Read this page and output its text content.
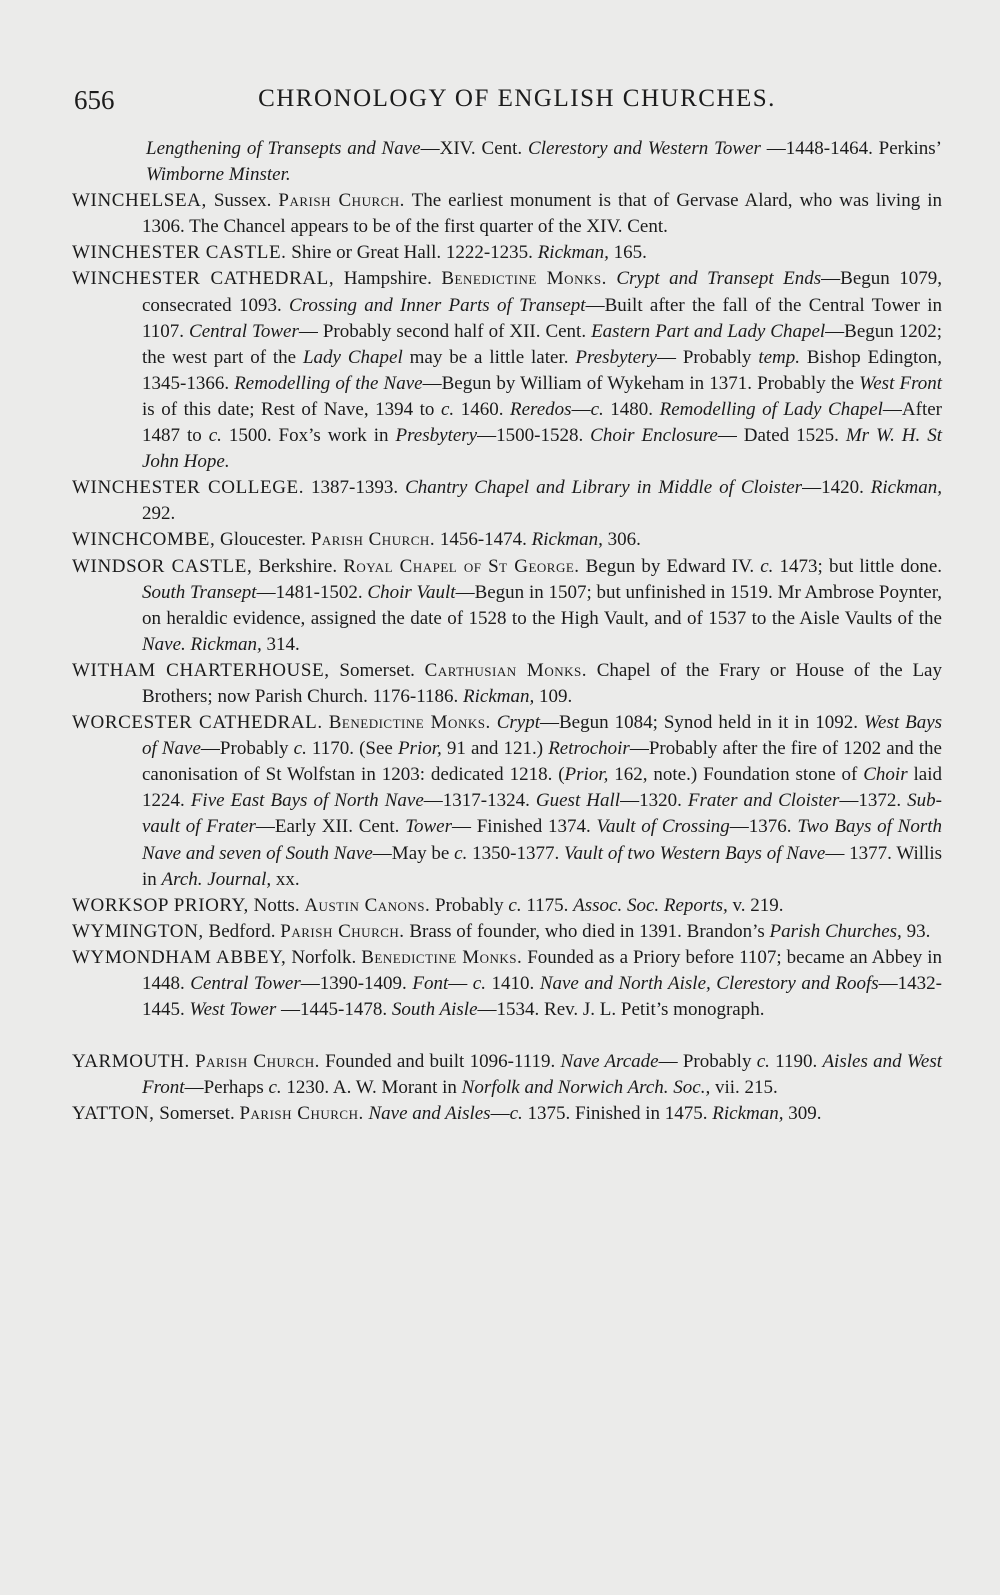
656	CHRONOLOGY OF ENGLISH CHURCHES.

Lengthening of Transepts and Nave—XIV. Cent. Clerestory and Western Tower —1448-1464. Perkins’ Wimborne Minster.

WINCHELSEA, Sussex. Parish Church. The earliest monument is that of Gervase Alard, who was living in 1306. The Chancel appears to be of the first quarter of the XIV. Cent.

WINCHESTER CASTLE. Shire or Great Hall. 1222-1235. Rickman, 165.

WINCHESTER CATHEDRAL, Hampshire. Benedictine Monks. Crypt and Transept Ends—Begun 1079, consecrated 1093. Crossing and Inner Parts of Transept—Built after the fall of the Central Tower in 1107. Central Tower— Probably second half of XII. Cent. Eastern Part and Lady Chapel—Begun 1202; the west part of the Lady Chapel may be a little later. Presbytery— Probably temp. Bishop Edington, 1345-1366. Remodelling of the Nave—Begun by William of Wykeham in 1371. Probably the West Front is of this date; Rest of Nave, 1394 to c. 1460. Reredos—c. 1480. Remodelling of Lady Chapel—After 1487 to c. 1500. Fox’s work in Presbytery—1500-1528. Choir Enclosure— Dated 1525. Mr W. H. St John Hope.

WINCHESTER COLLEGE. 1387-1393. Chantry Chapel and Library in Middle of Cloister—1420. Rickman, 292.

WINCHCOMBE, Gloucester. Parish Church. 1456-1474. Rickman, 306.

WINDSOR CASTLE, Berkshire. Royal Chapel of St George. Begun by Edward IV. c. 1473; but little done. South Transept—1481-1502. Choir Vault—Begun in 1507; but unfinished in 1519. Mr Ambrose Poynter, on heraldic evidence, assigned the date of 1528 to the High Vault, and of 1537 to the Aisle Vaults of the Nave. Rickman, 314.

WITHAM CHARTERHOUSE, Somerset. Carthusian Monks. Chapel of the Frary or House of the Lay Brothers; now Parish Church. 1176-1186. Rickman, 109.

WORCESTER CATHEDRAL. Benedictine Monks. Crypt—Begun 1084; Synod held in it in 1092. West Bays of Nave—Probably c. 1170. (See Prior, 91 and 121.) Retrochoir—Probably after the fire of 1202 and the canonisation of St Wolfstan in 1203: dedicated 1218. (Prior, 162, note.) Foundation stone of Choir laid 1224. Five East Bays of North Nave—1317-1324. Guest Hall—1320. Frater and Cloister—1372. Sub-vault of Frater—Early XII. Cent. Tower— Finished 1374. Vault of Crossing—1376. Two Bays of North Nave and seven of South Nave—May be c. 1350-1377. Vault of two Western Bays of Nave— 1377. Willis in Arch. Journal, xx.

WORKSOP PRIORY, Notts. Austin Canons. Probably c. 1175. Assoc. Soc. Reports, v. 219.

WYMINGTON, Bedford. Parish Church. Brass of founder, who died in 1391. Brandon’s Parish Churches, 93.

WYMONDHAM ABBEY, Norfolk. Benedictine Monks. Founded as a Priory before 1107; became an Abbey in 1448. Central Tower—1390-1409. Font— c. 1410. Nave and North Aisle, Clerestory and Roofs—1432-1445. West Tower —1445-1478. South Aisle—1534. Rev. J. L. Petit’s monograph.

YARMOUTH. Parish Church. Founded and built 1096-1119. Nave Arcade— Probably c. 1190. Aisles and West Front—Perhaps c. 1230. A. W. Morant in Norfolk and Norwich Arch. Soc., vii. 215.

YATTON, Somerset. Parish Church. Nave and Aisles—c. 1375. Finished in 1475. Rickman, 309.
